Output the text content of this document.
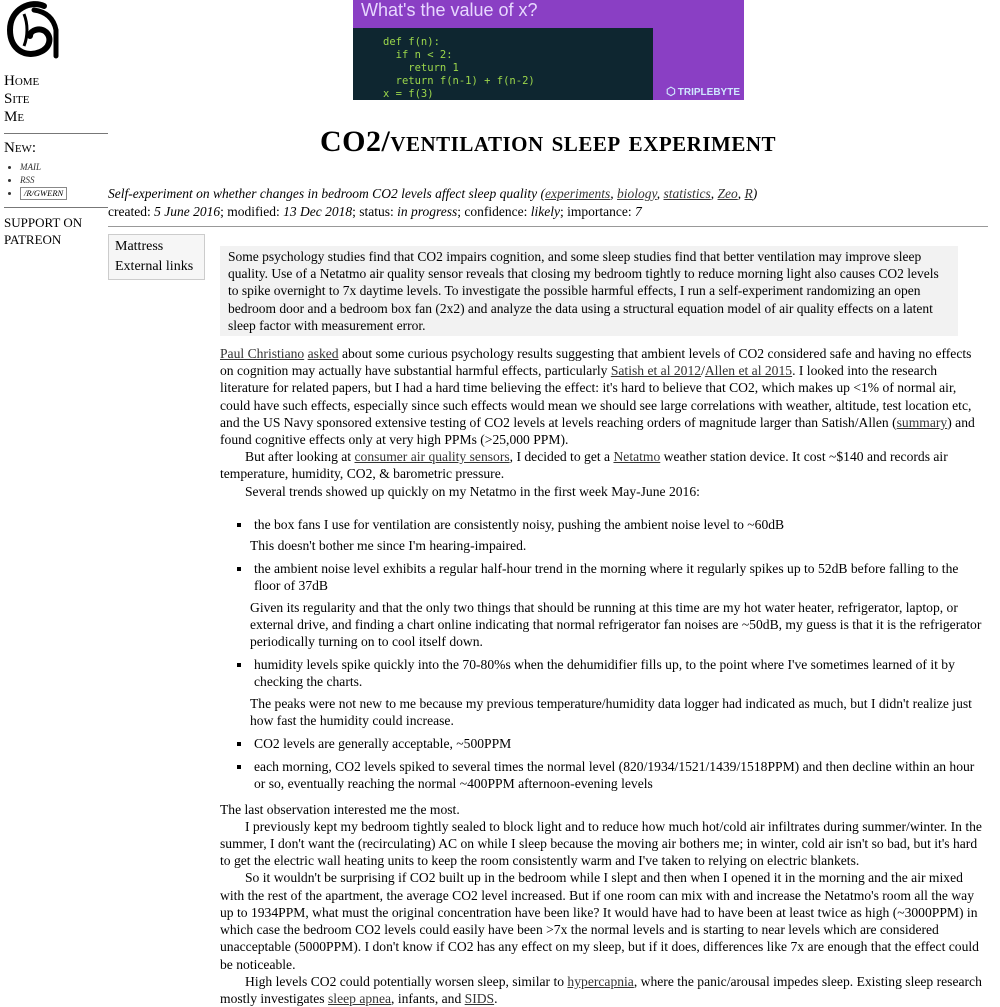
Home
Site
Me
New:
• MAIL
• RSS
• /R/GWERN
SUPPORT ON
PATREON
What's the value of x?
def f(n):
if n < 2:
return 1
return f(n-1) + f(n-2)
x = f(3)	⬡ TRIPLEBYTE
CO2/ventilation sleep experiment
Self-experiment on whether changes in bedroom CO2 levels affect sleep quality (experiments, biology, statistics, Zeo, R)
created: 5 June 2016; modified: 13 Dec 2018; status: in progress; confidence: likely; importance: 7
Mattress
External links
Some psychology studies find that CO2 impairs cognition, and some sleep studies find that better ventilation may improve sleep quality. Use of a Netatmo air quality sensor reveals that closing my bedroom tightly to reduce morning light also causes CO2 levels to spike overnight to 7x daytime levels. To investigate the possible harmful effects, I run a self-experiment randomizing an open bedroom door and a bedroom box fan (2x2) and analyze the data using a structural equation model of air quality effects on a latent sleep factor with measurement error.

Paul Christiano asked about some curious psychology results suggesting that ambient levels of CO2 considered safe and having no effects on cognition may actually have substantial harmful effects, particularly Satish et al 2012/Allen et al 2015. I looked into the research literature for related papers, but I had a hard time believing the effect: it's hard to believe that CO2, which makes up <1% of normal air, could have such effects, especially since such effects would mean we should see large correlations with weather, altitude, test location etc, and the US Navy sponsored extensive testing of CO2 levels at levels reaching orders of magnitude larger than Satish/Allen (summary) and found cognitive effects only at very high PPMs (>25,000 PPM).

But after looking at consumer air quality sensors, I decided to get a Netatmo weather station device. It cost ~$140 and records air temperature, humidity, CO2, & barometric pressure.

Several trends showed up quickly on my Netatmo in the first week May-June 2016:

▪ the box fans I use for ventilation are consistently noisy, pushing the ambient noise level to ~60dB
This doesn't bother me since I'm hearing-impaired.
▪ the ambient noise level exhibits a regular half-hour trend in the morning where it regularly spikes up to 52dB before falling to the floor of 37dB
Given its regularity and that the only two things that should be running at this time are my hot water heater, refrigerator, laptop, or external drive, and finding a chart online indicating that normal refrigerator fan noises are ~50dB, my guess is that it is the refrigerator periodically turning on to cool itself down.
▪ humidity levels spike quickly into the 70-80%s when the dehumidifier fills up, to the point where I've sometimes learned of it by checking the charts.
The peaks were not new to me because my previous temperature/humidity data logger had indicated as much, but I didn't realize just how fast the humidity could increase.
▪ CO2 levels are generally acceptable, ~500PPM
▪ each morning, CO2 levels spiked to several times the normal level (820/1934/1521/1439/1518PPM) and then decline within an hour or so, eventually reaching the normal ~400PPM afternoon-evening levels

The last observation interested me the most.

I previously kept my bedroom tightly sealed to block light and to reduce how much hot/cold air infiltrates during summer/winter. In the summer, I don't want the (recirculating) AC on while I sleep because the moving air bothers me; in winter, cold air isn't so bad, but it's hard to get the electric wall heating units to keep the room consistently warm and I've taken to relying on electric blankets.

So it wouldn't be surprising if CO2 built up in the bedroom while I slept and then when I opened it in the morning and the air mixed with the rest of the apartment, the average CO2 level increased. But if one room can mix with and increase the Netatmo's room all the way up to 1934PPM, what must the original concentration have been like? It would have had to have been at least twice as high (~3000PPM) in which case the bedroom CO2 levels could easily have been >7x the normal levels and is starting to near levels which are considered unacceptable (5000PPM). I don't know if CO2 has any effect on my sleep, but if it does, differences like 7x are enough that the effect could be noticeable.

High levels CO2 could potentially worsen sleep, similar to hypercapnia, where the panic/arousal impedes sleep. Existing sleep research mostly investigates sleep apnea, infants, and SIDS.
